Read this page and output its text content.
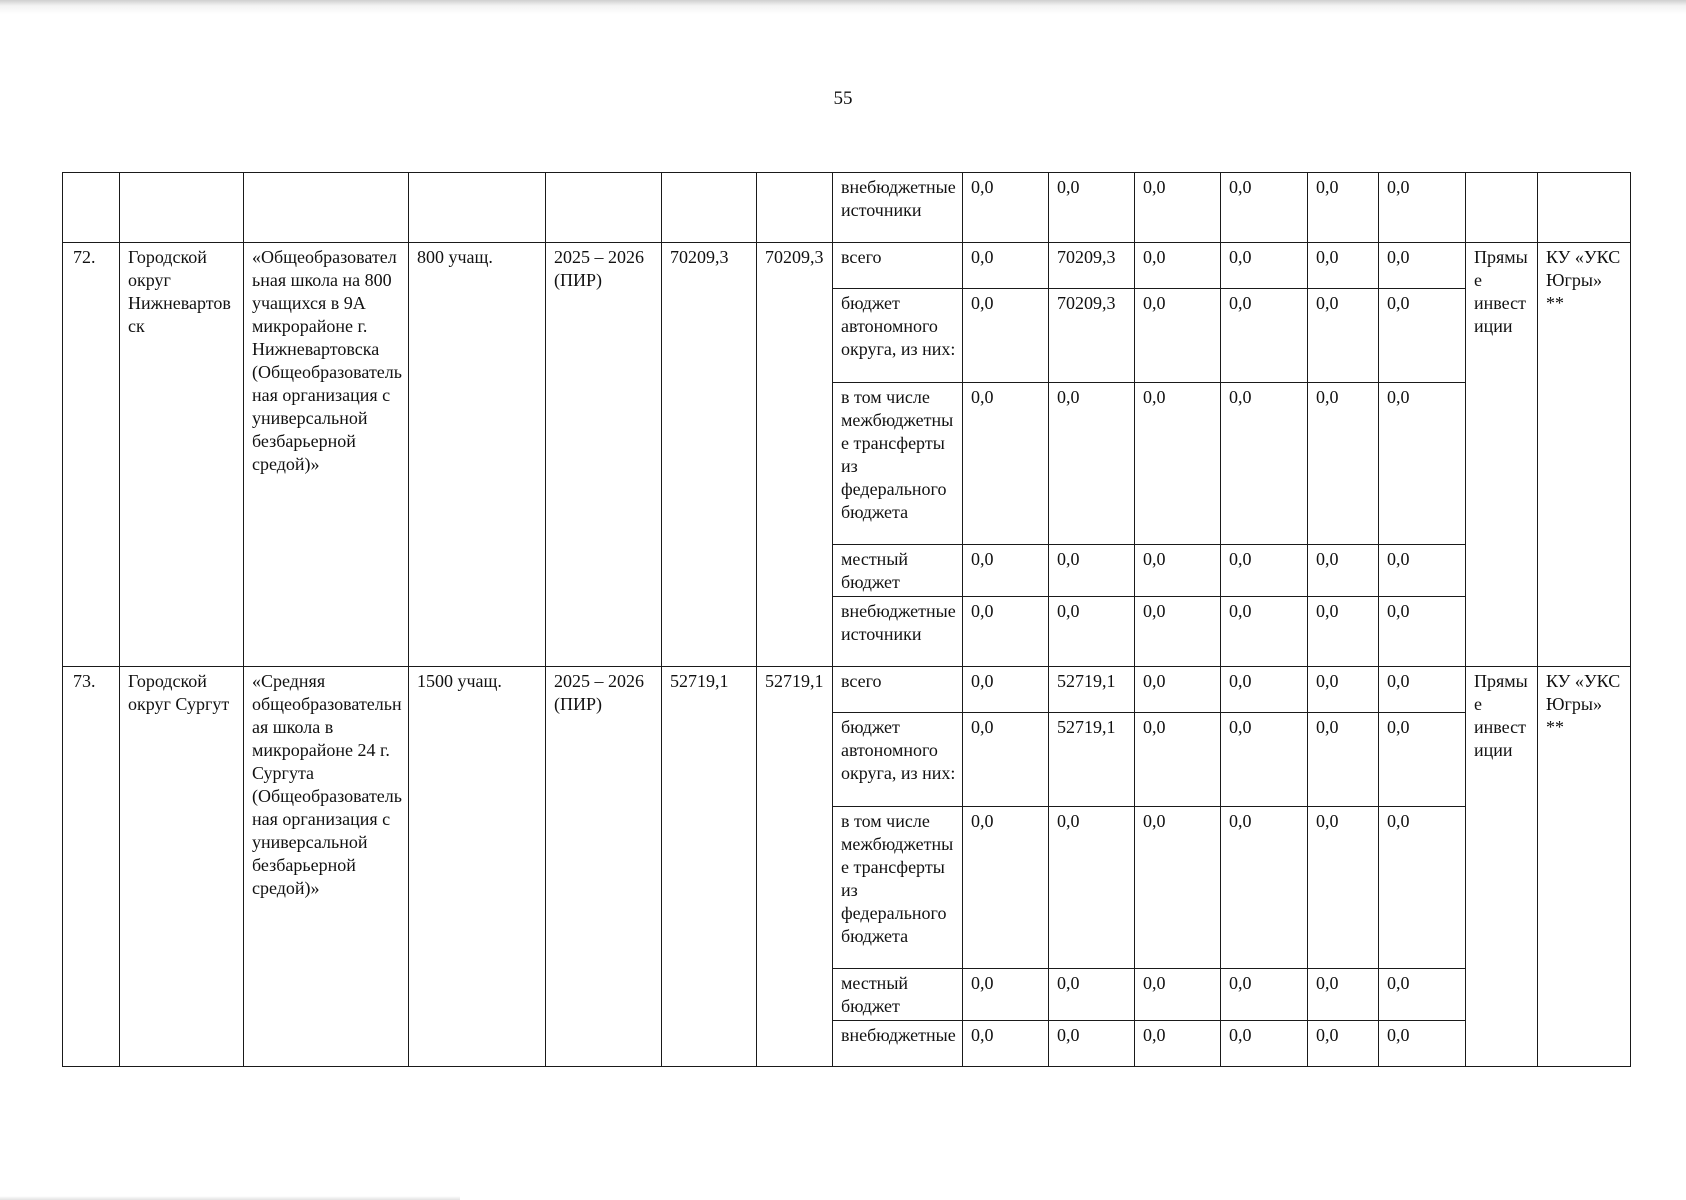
55
							внебюджетные источники	0,0	0,0	0,0	0,0	0,0	0,0		
72.	Городской округ Нижневартовск	«Общеобразовательная школа на 800 учащихся в 9А микрорайоне г. Нижневартовска (Общеобразовательная организация с универсальной безбарьерной средой)»	800 учащ.	2025 – 2026 (ПИР)	70209,3	70209,3	всего	0,0	70209,3	0,0	0,0	0,0	0,0	Прямые инвестиции	КУ «УКС Югры» **
							бюджет автономного округа, из них:	0,0	70209,3	0,0	0,0	0,0	0,0		
							в том числе межбюджетные трансферты из федерального бюджета	0,0	0,0	0,0	0,0	0,0	0,0		
							местный бюджет	0,0	0,0	0,0	0,0	0,0	0,0		
							внебюджетные источники	0,0	0,0	0,0	0,0	0,0	0,0		
73.	Городской округ Сургут	«Средняя общеобразовательная школа в микрорайоне 24 г. Сургута (Общеобразовательная организация с универсальной безбарьерной средой)»	1500 учащ.	2025 – 2026 (ПИР)	52719,1	52719,1	всего	0,0	52719,1	0,0	0,0	0,0	0,0	Прямые инвестиции	КУ «УКС Югры» **
							бюджет автономного округа, из них:	0,0	52719,1	0,0	0,0	0,0	0,0		
							в том числе межбюджетные трансферты из федерального бюджета	0,0	0,0	0,0	0,0	0,0	0,0		
							местный бюджет	0,0	0,0	0,0	0,0	0,0	0,0		
							внебюджетные	0,0	0,0	0,0	0,0	0,0	0,0		
